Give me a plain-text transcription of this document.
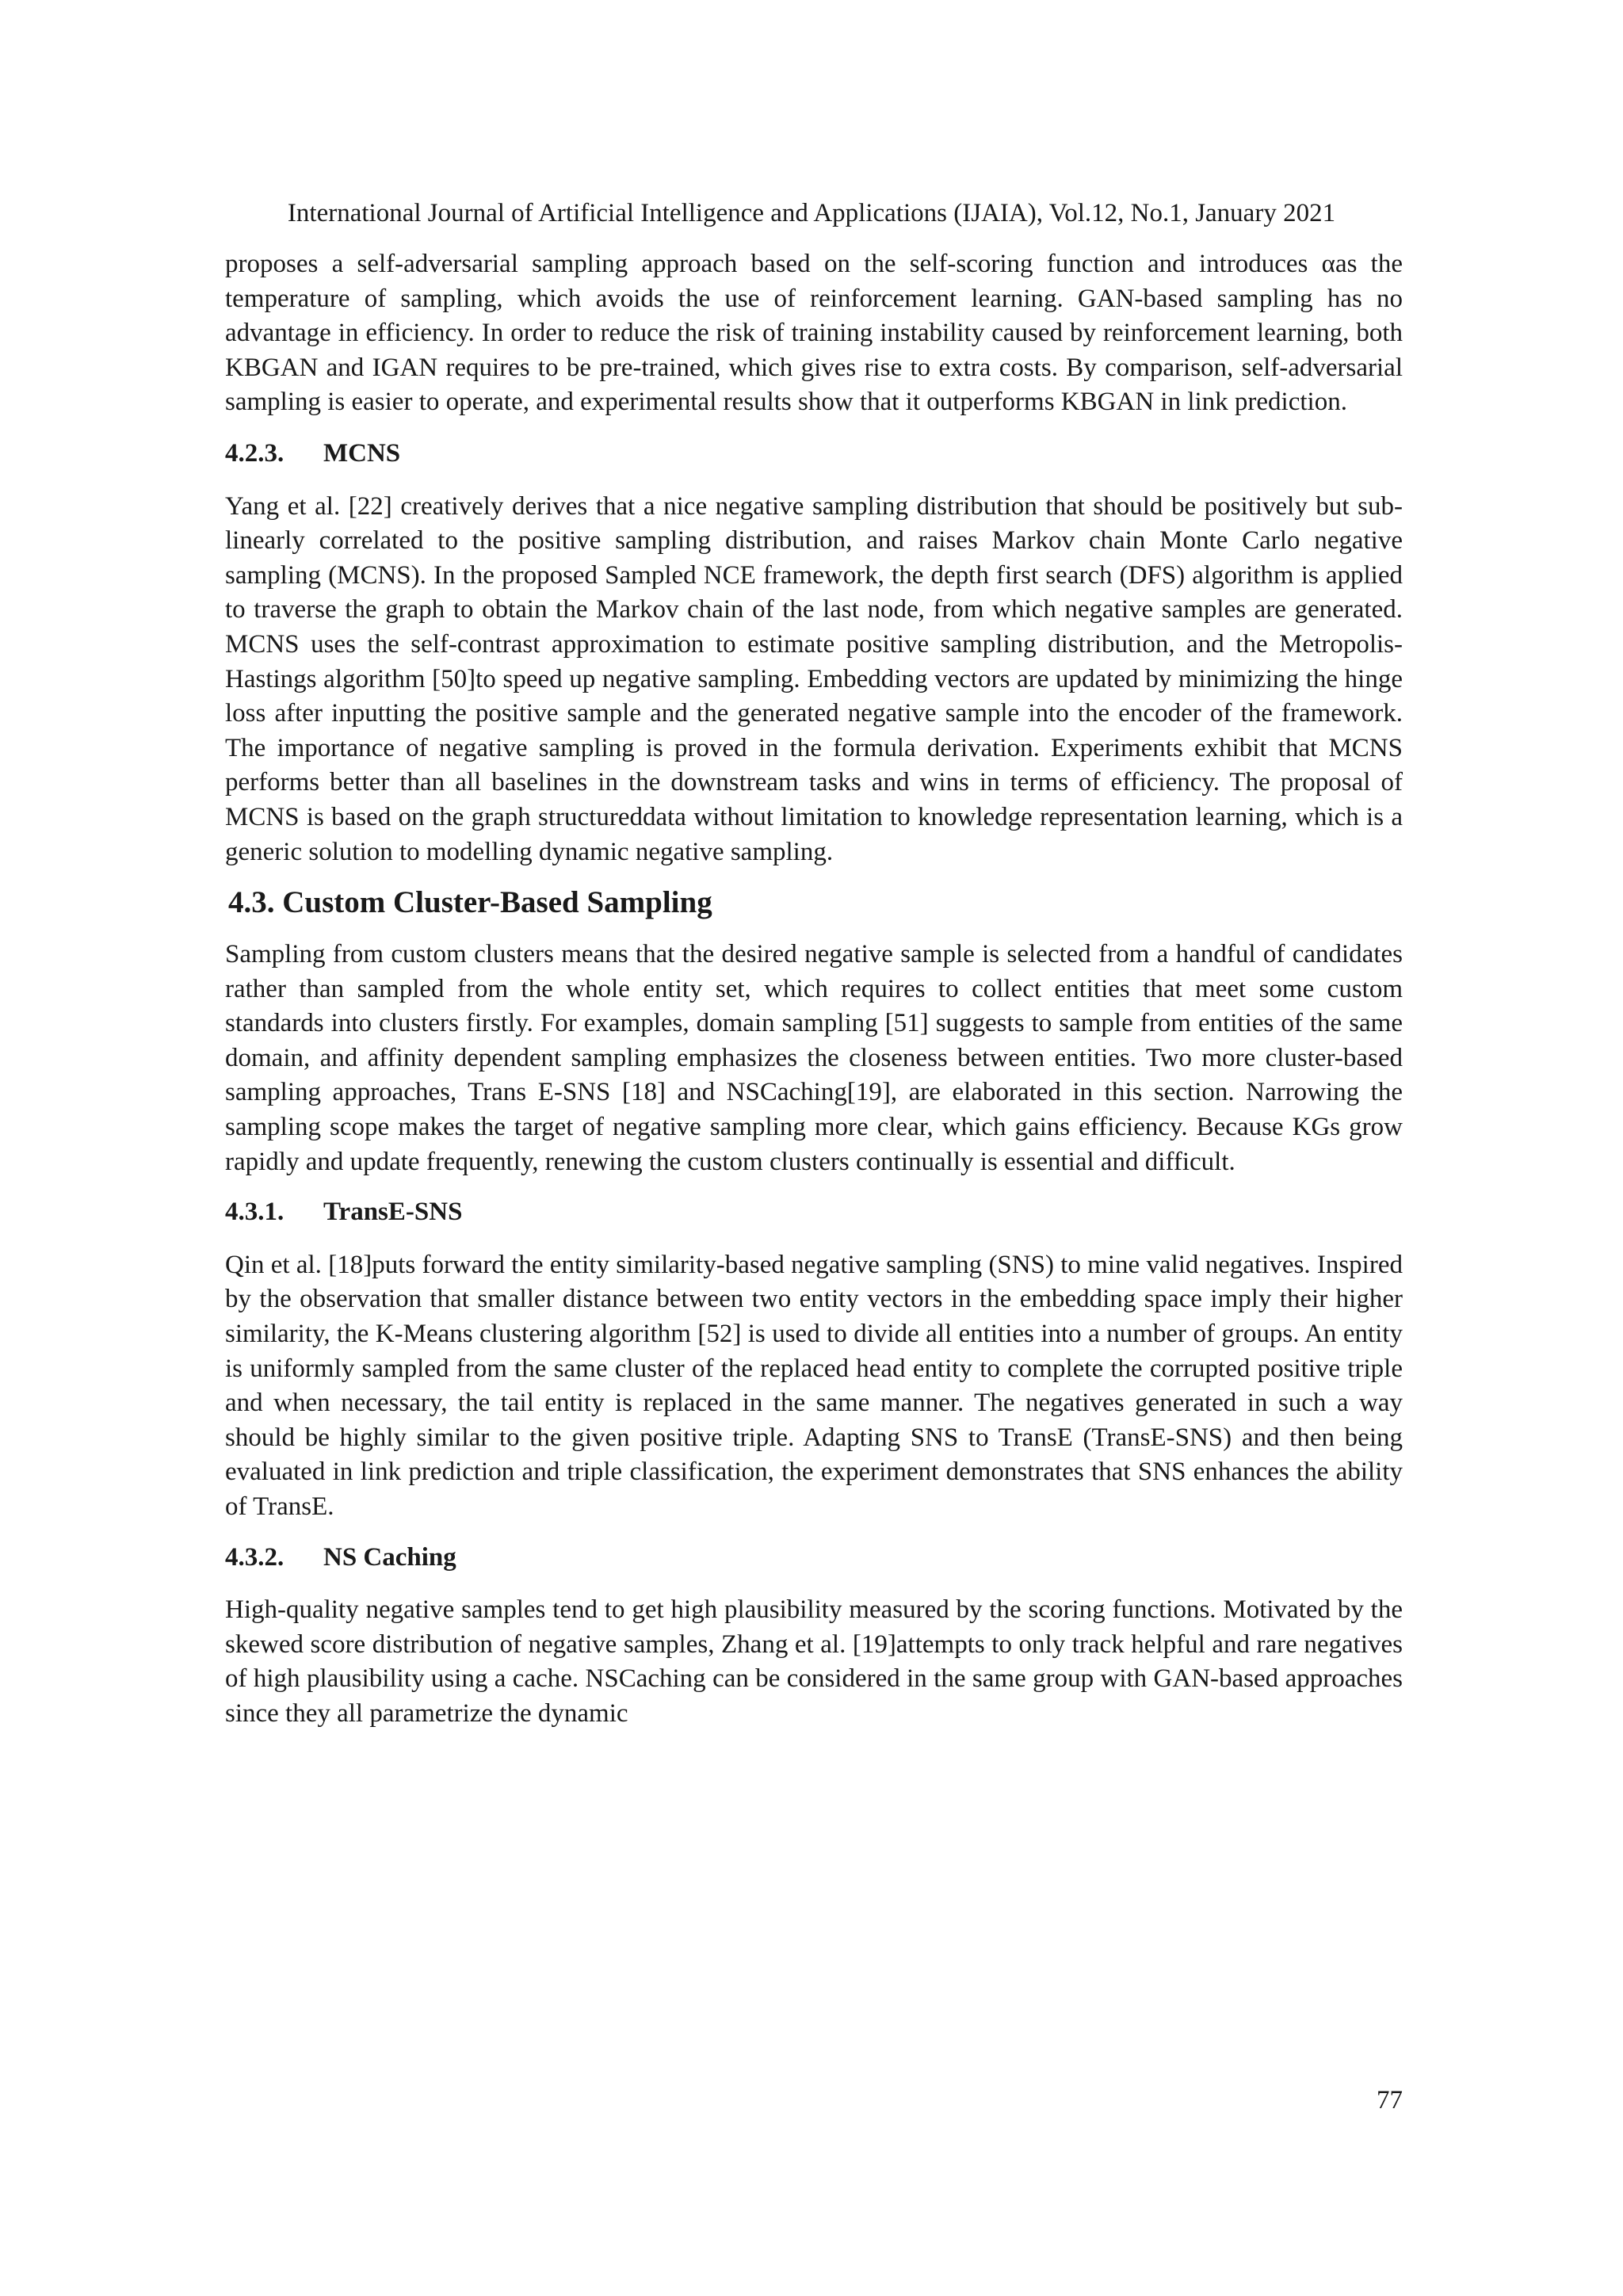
International Journal of Artificial Intelligence and Applications (IJAIA), Vol.12, No.1, January 2021

proposes a self-adversarial sampling approach based on the self-scoring function and introduces αas the temperature of sampling, which avoids the use of reinforcement learning. GAN-based sampling has no advantage in efficiency. In order to reduce the risk of training instability caused by reinforcement learning, both KBGAN and IGAN requires to be pre-trained, which gives rise to extra costs. By comparison, self-adversarial sampling is easier to operate, and experimental results show that it outperforms KBGAN in link prediction.

4.2.3. MCNS

Yang et al. [22] creatively derives that a nice negative sampling distribution that should be positively but sub-linearly correlated to the positive sampling distribution, and raises Markov chain Monte Carlo negative sampling (MCNS). In the proposed Sampled NCE framework, the depth first search (DFS) algorithm is applied to traverse the graph to obtain the Markov chain of the last node, from which negative samples are generated. MCNS uses the self-contrast approximation to estimate positive sampling distribution, and the Metropolis-Hastings algorithm [50]to speed up negative sampling. Embedding vectors are updated by minimizing the hinge loss after inputting the positive sample and the generated negative sample into the encoder of the framework. The importance of negative sampling is proved in the formula derivation. Experiments exhibit that MCNS performs better than all baselines in the downstream tasks and wins in terms of efficiency. The proposal of MCNS is based on the graph structureddata without limitation to knowledge representation learning, which is a generic solution to modelling dynamic negative sampling.

4.3. Custom Cluster-Based Sampling

Sampling from custom clusters means that the desired negative sample is selected from a handful of candidates rather than sampled from the whole entity set, which requires to collect entities that meet some custom standards into clusters firstly. For examples, domain sampling [51] suggests to sample from entities of the same domain, and affinity dependent sampling emphasizes the closeness between entities. Two more cluster-based sampling approaches, Trans E-SNS [18] and NSCaching[19], are elaborated in this section. Narrowing the sampling scope makes the target of negative sampling more clear, which gains efficiency. Because KGs grow rapidly and update frequently, renewing the custom clusters continually is essential and difficult.

4.3.1. TransE-SNS

Qin et al. [18]puts forward the entity similarity-based negative sampling (SNS) to mine valid negatives. Inspired by the observation that smaller distance between two entity vectors in the embedding space imply their higher similarity, the K-Means clustering algorithm [52] is used to divide all entities into a number of groups. An entity is uniformly sampled from the same cluster of the replaced head entity to complete the corrupted positive triple and when necessary, the tail entity is replaced in the same manner. The negatives generated in such a way should be highly similar to the given positive triple. Adapting SNS to TransE (TransE-SNS) and then being evaluated in link prediction and triple classification, the experiment demonstrates that SNS enhances the ability of TransE.

4.3.2. NS Caching

High-quality negative samples tend to get high plausibility measured by the scoring functions. Motivated by the skewed score distribution of negative samples, Zhang et al. [19]attempts to only track helpful and rare negatives of high plausibility using a cache. NSCaching can be considered in the same group with GAN-based approaches since they all parametrize the dynamic

77
